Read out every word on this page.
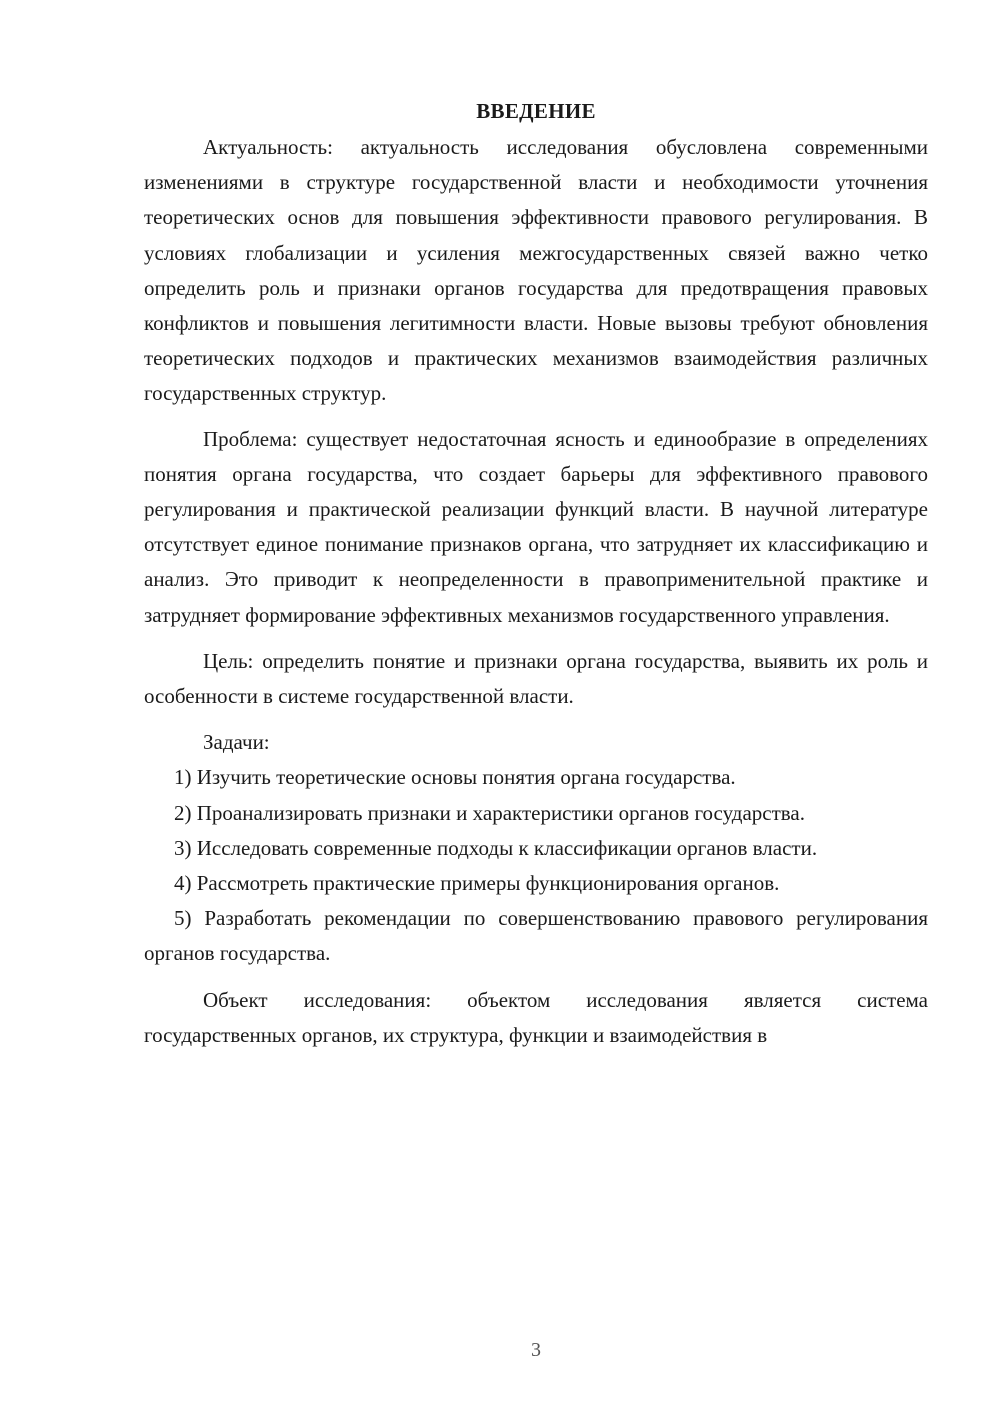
ВВЕДЕНИЕ

Актуальность: актуальность исследования обусловлена современными изменениями в структуре государственной власти и необходимости уточнения теоретических основ для повышения эффективности правового регулирования. В условиях глобализации и усиления межгосударственных связей важно четко определить роль и признаки органов государства для предотвращения правовых конфликтов и повышения легитимности власти. Новые вызовы требуют обновления теоретических подходов и практических механизмов взаимодействия различных государственных структур.

Проблема: существует недостаточная ясность и единообразие в определениях понятия органа государства, что создает барьеры для эффективного правового регулирования и практической реализации функций власти. В научной литературе отсутствует единое понимание признаков органа, что затрудняет их классификацию и анализ. Это приводит к неопределенности в правоприменительной практике и затрудняет формирование эффективных механизмов государственного управления.

Цель: определить понятие и признаки органа государства, выявить их роль и особенности в системе государственной власти.

Задачи:

1) Изучить теоретические основы понятия органа государства.

2) Проанализировать признаки и характеристики органов государства.

3) Исследовать современные подходы к классификации органов власти.

4) Рассмотреть практические примеры функционирования органов.

5) Разработать рекомендации по совершенствованию правового регулирования органов государства.

Объект исследования: объектом исследования является система государственных органов, их структура, функции и взаимодействия в

3
